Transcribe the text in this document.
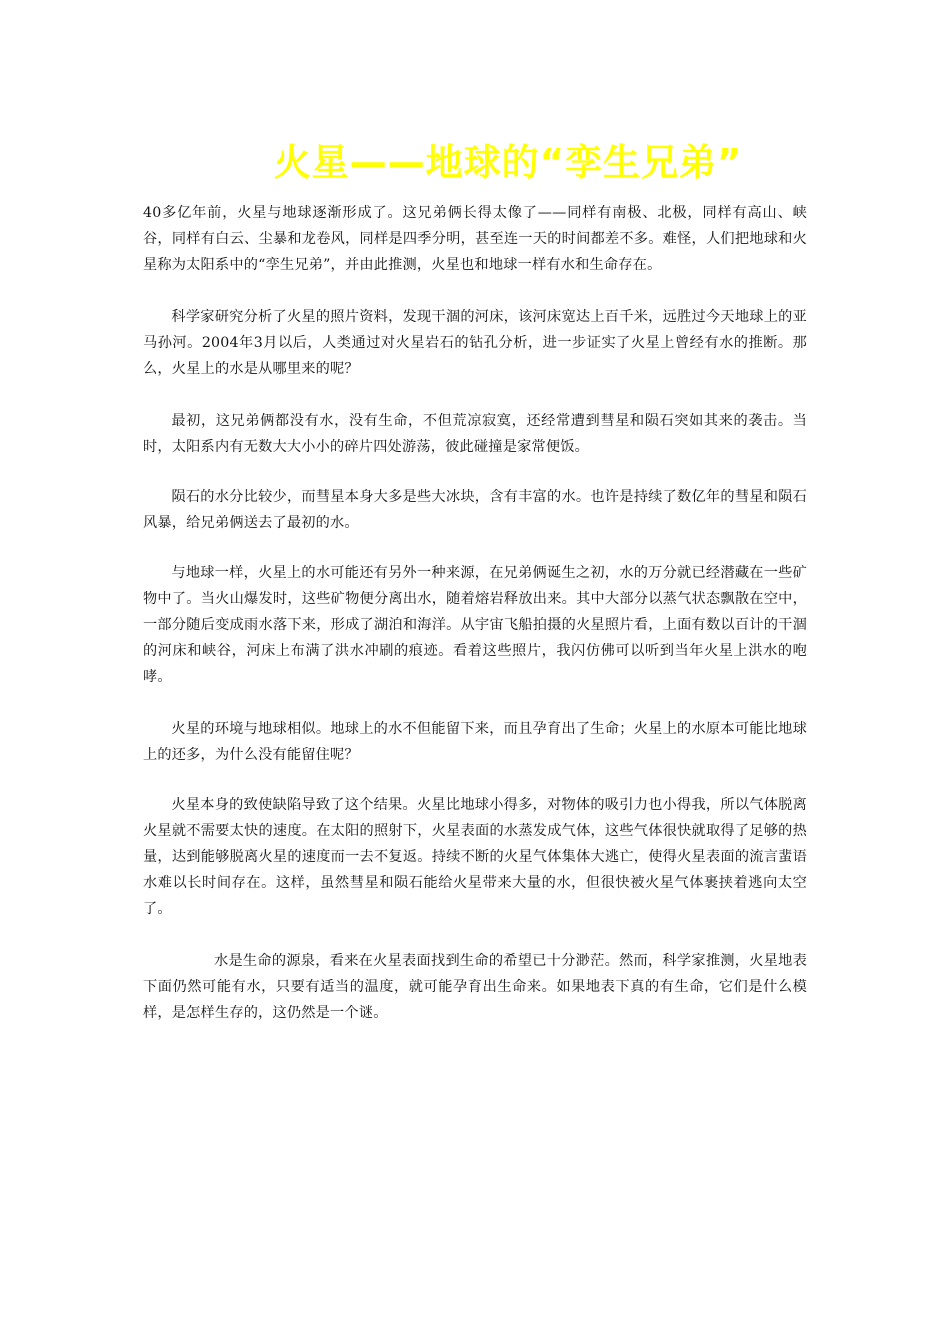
火星——地球的“孪生兄弟”

40多亿年前，火星与地球逐渐形成了。这兄弟俩长得太像了——同样有南极、北极，同样有高山、峡谷，同样有白云、尘暴和龙卷风，同样是四季分明，甚至连一天的时间都差不多。难怪，人们把地球和火星称为太阳系中的“孪生兄弟”，并由此推测，火星也和地球一样有水和生命存在。

科学家研究分析了火星的照片资料，发现干涸的河床，该河床宽达上百千米，远胜过今天地球上的亚马孙河。2004年3月以后，人类通过对火星岩石的钻孔分析，进一步证实了火星上曾经有水的推断。那么，火星上的水是从哪里来的呢？

最初，这兄弟俩都没有水，没有生命，不但荒凉寂寞，还经常遭到彗星和陨石突如其来的袭击。当时，太阳系内有无数大大小小的碎片四处游荡，彼此碰撞是家常便饭。

陨石的水分比较少，而彗星本身大多是些大冰块，含有丰富的水。也许是持续了数亿年的彗星和陨石风暴，给兄弟俩送去了最初的水。

与地球一样，火星上的水可能还有另外一种来源，在兄弟俩诞生之初，水的万分就已经潜藏在一些矿物中了。当火山爆发时，这些矿物便分离出水，随着熔岩释放出来。其中大部分以蒸气状态飘散在空中，一部分随后变成雨水落下来，形成了湖泊和海洋。从宇宙飞船拍摄的火星照片看，上面有数以百计的干涸的河床和峡谷，河床上布满了洪水冲刷的痕迹。看着这些照片，我闪仿佛可以听到当年火星上洪水的咆哮。

火星的环境与地球相似。地球上的水不但能留下来，而且孕育出了生命；火星上的水原本可能比地球上的还多，为什么没有能留住呢？

火星本身的致使缺陷导致了这个结果。火星比地球小得多，对物体的吸引力也小得我，所以气体脱离火星就不需要太快的速度。在太阳的照射下，火星表面的水蒸发成气体，这些气体很快就取得了足够的热量，达到能够脱离火星的速度而一去不复返。持续不断的火星气体集体大逃亡，使得火星表面的流言蜚语水难以长时间存在。这样，虽然彗星和陨石能给火星带来大量的水，但很快被火星气体裹挟着逃向太空了。

水是生命的源泉，看来在火星表面找到生命的希望已十分渺茫。然而，科学家推测，火星地表下面仍然可能有水，只要有适当的温度，就可能孕育出生命来。如果地表下真的有生命，它们是什么模样，是怎样生存的，这仍然是一个谜。
